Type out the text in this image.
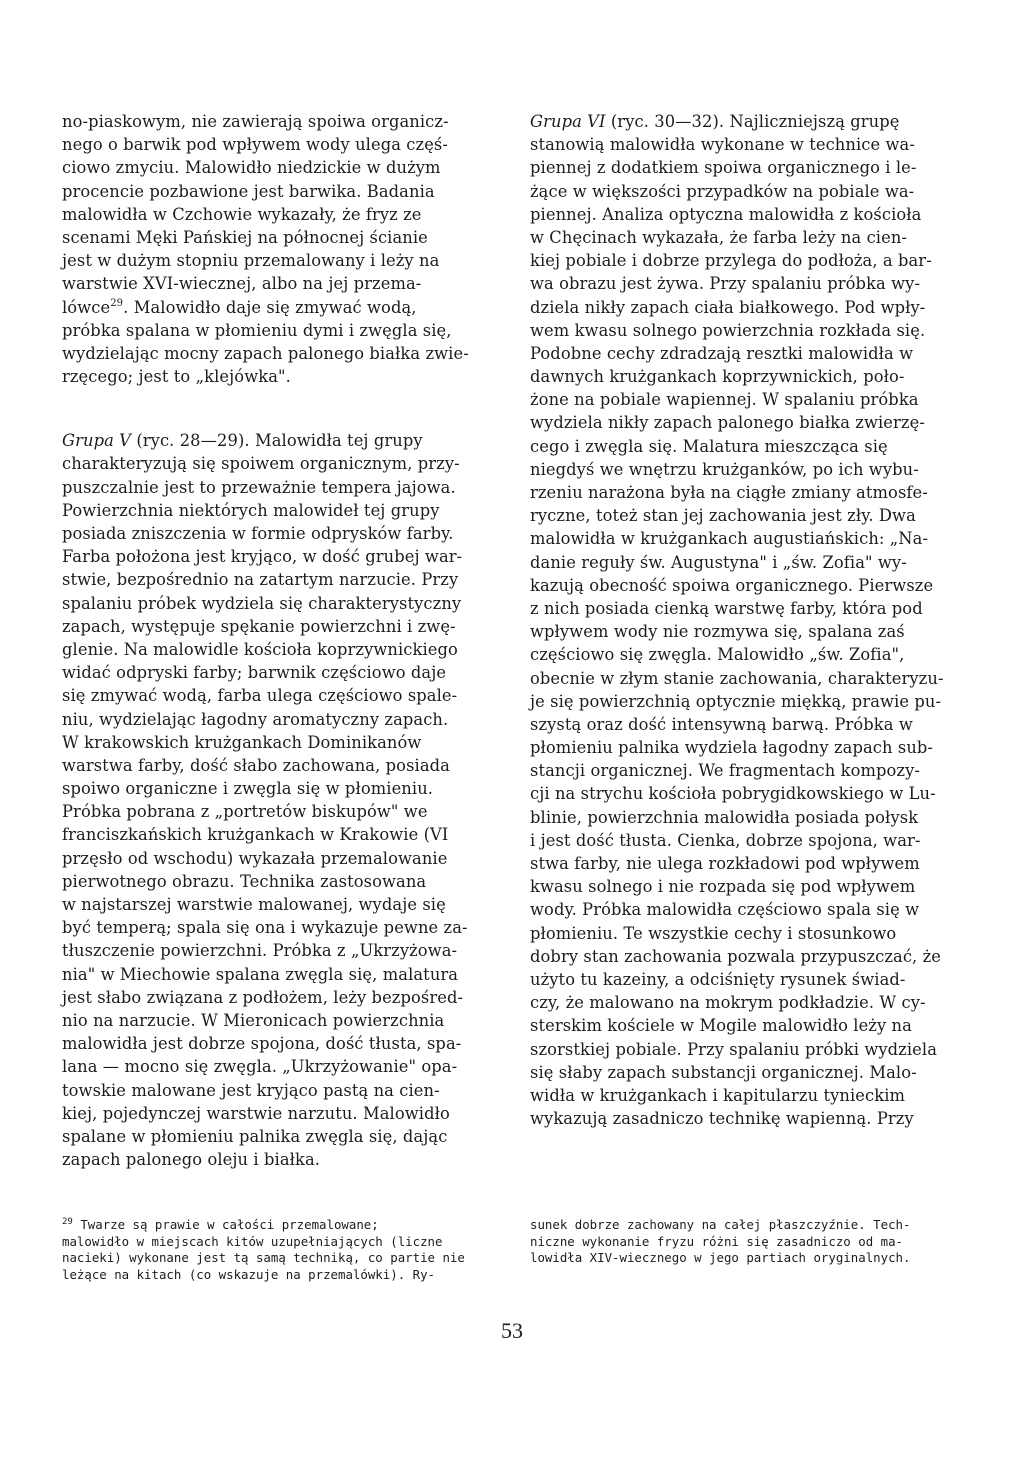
no-piaskowym, nie zawierają spoiwa organicz-
nego o barwik pod wpływem wody ulega częś-
ciowo zmyciu. Malowidło niedzickie w dużym
procencie pozbawione jest barwika. Badania
malowidła w Czchowie wykazały, że fryz ze
scenami Męki Pańskiej na północnej ścianie
jest w dużym stopniu przemalowany i leży na
warstwie XVI-wiecznej, albo na jej przema-
lówce$^{29}$. Malowidło daje się zmywać wodą,
próbka spalana w płomieniu dymi i zwęgla się,
wydzielając mocny zapach palonego białka zwie-
rzęcego; jest to „klejówka".
Grupa V (ryc. 28—29). Malowidła tej grupy
charakteryzują się spoiwem organicznym, przy-
puszczalnie jest to przeważnie tempera jajowa.
Powierzchnia niektórych malowideł tej grupy
posiada zniszczenia w formie odprysków farby.
Farba położona jest kryjąco, w dość grubej war-
stwie, bezpośrednio na zatartym narzucie. Przy
spalaniu próbek wydziela się charakterystyczny
zapach, występuje spękanie powierzchni i zwę-
glenie. Na malowidle kościoła koprzywnickiego
widać odpryski farby; barwnik częściowo daje
się zmywać wodą, farba ulega częściowo spale-
niu, wydzielając łagodny aromatyczny zapach.
W krakowskich krużgankach Dominikanów
warstwa farby, dość słabo zachowana, posiada
spoiwo organiczne i zwęgla się w płomieniu.
Próbka pobrana z „portretów biskupów" we
franciszkańskich krużgankach w Krakowie (VI
przęsło od wschodu) wykazała przemalowanie
pierwotnego obrazu. Technika zastosowana
w najstarszej warstwie malowanej, wydaje się
być temperą; spala się ona i wykazuje pewne za-
tłuszczenie powierzchni. Próbka z „Ukrzyżowa-
nia" w Miechowie spalana zwęgla się, malatura
jest słabo związana z podłożem, leży bezpośred-
nio na narzucie. W Mieronicach powierzchnia
malowidła jest dobrze spojona, dość tłusta, spa-
lana — mocno się zwęgla. „Ukrzyżowanie" opa-
towskie malowane jest kryjąco pastą na cien-
kiej, pojedynczej warstwie narzutu. Malowidło
spalane w płomieniu palnika zwęgla się, dając
zapach palonego oleju i białka.
Grupa VI (ryc. 30—32). Najliczniejszą grupę
stanowią malowidła wykonane w technice wa-
piennej z dodatkiem spoiwa organicznego i le-
żące w większości przypadków na pobiale wa-
piennej. Analiza optyczna malowidła z kościoła
w Chęcinach wykazała, że farba leży na cien-
kiej pobiale i dobrze przylega do podłoża, a bar-
wa obrazu jest żywa. Przy spalaniu próbka wy-
dziela nikły zapach ciała białkowego. Pod wpły-
wem kwasu solnego powierzchnia rozkłada się.
Podobne cechy zdradzają resztki malowidła w
dawnych krużgankach koprzywnickich, poło-
żone na pobiale wapiennej. W spalaniu próbka
wydziela nikły zapach palonego białka zwierzę-
cego i zwęgla się. Malatura mieszcząca się
niegdyś we wnętrzu krużganków, po ich wybu-
rzeniu narażona była na ciągłe zmiany atmosfe-
ryczne, toteż stan jej zachowania jest zły. Dwa
malowidła w krużgankach augustiańskich: „Na-
danie reguły św. Augustyna" i „św. Zofia" wy-
kazują obecność spoiwa organicznego. Pierwsze
z nich posiada cienką warstwę farby, która pod
wpływem wody nie rozmywa się, spalana zaś
częściowo się zwęgla. Malowidło „św. Zofia",
obecnie w złym stanie zachowania, charakteryzu-
je się powierzchnią optycznie miękką, prawie pu-
szystą oraz dość intensywną barwą. Próbka w
płomieniu palnika wydziela łagodny zapach sub-
stancji organicznej. We fragmentach kompozy-
cji na strychu kościoła pobrygidkowskiego w Lu-
blinie, powierzchnia malowidła posiada połysk
i jest dość tłusta. Cienka, dobrze spojona, war-
stwa farby, nie ulega rozkładowi pod wpływem
kwasu solnego i nie rozpada się pod wpływem
wody. Próbka malowidła częściowo spala się w
płomieniu. Te wszystkie cechy i stosunkowo
dobry stan zachowania pozwala przypuszczać, że
użyto tu kazeiny, a odciśnięty rysunek świad-
czy, że malowano na mokrym podkładzie. W cy-
sterskim kościele w Mogile malowidło leży na
szorstkiej pobiale. Przy spalaniu próbki wydziela
się słaby zapach substancji organicznej. Malo-
widła w krużgankach i kapitularzu tynieckim
wykazują zasadniczo technikę wapienną. Przy
$^{29}$ Twarze są prawie w całości przemalowane;
malowidło w miejscach kitów uzupełniających (liczne
nacieki) wykonane jest tą samą techniką, co partie nie
leżące na kitach (co wskazuje na przemalówki). Ry-
sunek dobrze zachowany na całej płaszczyźnie. Tech-
niczne wykonanie fryzu różni się zasadniczo od ma-
lowidła XIV-wiecznego w jego partiach oryginalnych.
53
